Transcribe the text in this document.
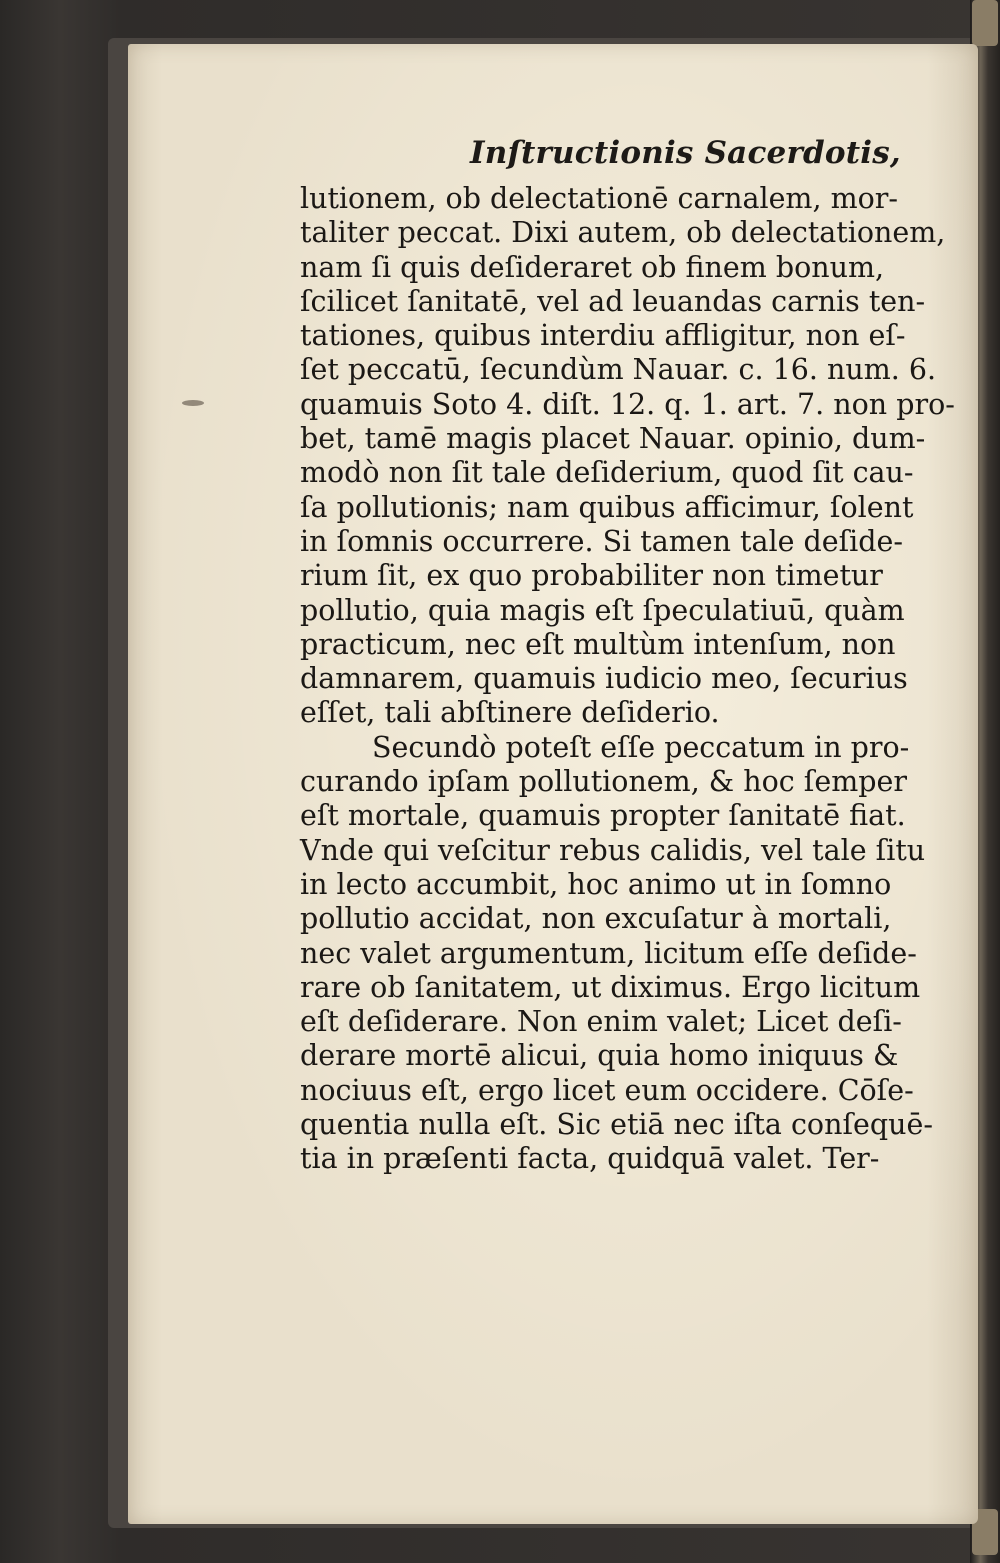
Inſtructionis Sacerdotis,
lutionem, ob delectationē carnalem, mor-
taliter peccat. Dixi autem, ob delectationem,
nam ſi quis deſideraret ob finem bonum,
ſcilicet ſanitatē, vel ad leuandas carnis ten-
tationes, quibus interdiu affligitur, non eſ-
ſet peccatū, ſecundùm Nauar. c. 16. num. 6.
quamuis Soto 4. diſt. 12. q. 1. art. 7. non pro-
bet, tamē magis placet Nauar. opinio, dum-
modò non ſit tale deſiderium, quod ſit cau-
ſa pollutionis; nam quibus afficimur, ſolent
in ſomnis occurrere. Si tamen tale deſide-
rium ſit, ex quo probabiliter non timetur
pollutio, quia magis eſt ſpeculatiuū, quàm
practicum, nec eſt multùm intenſum, non
damnarem, quamuis iudicio meo, ſecurius
eſſet, tali abſtinere deſiderio.
Secundò poteſt eſſe peccatum in pro-
curando ipſam pollutionem, & hoc ſemper
eſt mortale, quamuis propter ſanitatē fiat.
Vnde qui veſcitur rebus calidis, vel tale ſitu
in lecto accumbit, hoc animo ut in ſomno
pollutio accidat, non excuſatur à mortali,
nec valet argumentum, licitum eſſe deſide-
rare ob ſanitatem, ut diximus. Ergo licitum
eſt deſiderare. Non enim valet; Licet deſi-
derare mortē alicui, quia homo iniquus &
nociuus eſt, ergo licet eum occidere. Cōſe-
quentia nulla eſt. Sic etiā nec iſta conſequē-
tia in præſenti facta, quidquā valet. Ter-
